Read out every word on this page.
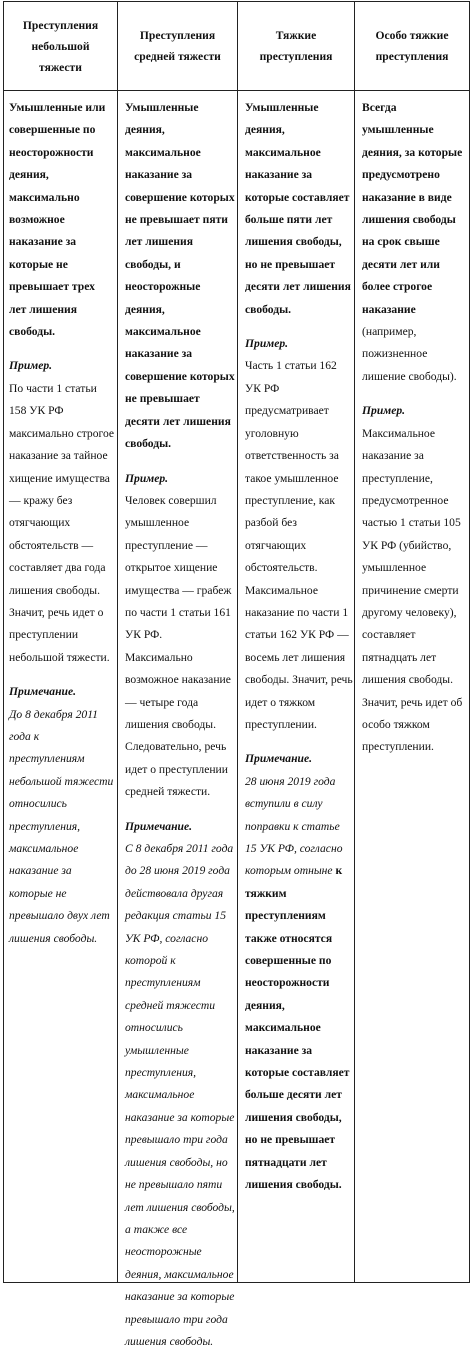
Преступления небольшой тяжести
Преступления средней тяжести
Тяжкие преступления
Особо тяжкие преступления

Умышленные или совершенные по неосторожности деяния, максимально возможное наказание за которые не превышает трех лет лишения свободы.

Пример.

По части 1 статьи 158 УК РФ максимально строгое наказание за тайное хищение имущества — кражу без отягчающих обстоятельств — составляет два года лишения свободы.

Значит, речь идет о преступлении небольшой тяжести.

Примечание.

До 8 декабря 2011 года к преступлениям небольшой тяжести относились преступления, максимальное наказание за которые не превышало двух лет лишения свободы.

Умышленные деяния, максимальное наказание за совершение которых не превышает пяти лет лишения свободы, и неосторожные деяния, максимальное наказание за совершение которых не превышает десяти лет лишения свободы.

Пример.

Человек совершил умышленное преступление — открытое хищение имущества — грабеж по части 1 статьи 161 УК РФ.

Максимально возможное наказание — четыре года лишения свободы. Следовательно, речь идет о преступлении средней тяжести.

Примечание.

С 8 декабря 2011 года до 28 июня 2019 года действовала другая редакция статьи 15 УК РФ, согласно которой к преступлениям средней тяжести относились умышленные преступления, максимальное наказание за которые превышало три года лишения свободы, но не превышало пяти лет лишения свободы, а также все неосторожные деяния, максимальное наказание за которые превышало три года лишения свободы.

Умышленные деяния, максимальное наказание за которые составляет больше пяти лет лишения свободы, но не превышает десяти лет лишения свободы.

Пример.

Часть 1 статьи 162 УК РФ предусматривает уголовную ответственность за такое умышленное преступление, как разбой без отягчающих обстоятельств. Максимальное наказание по части 1 статьи 162 УК РФ — восемь лет лишения свободы. Значит, речь идет о тяжком преступлении.

Примечание.

28 июня 2019 года вступили в силу поправки к статье 15 УК РФ, согласно которым отныне к тяжким преступлениям также относятся совершенные по неосторожности деяния, максимальное наказание за которые составляет больше десяти лет лишения свободы, но не превышает пятнадцати лет лишения свободы.

Всегда умышленные деяния, за которые предусмотрено наказание в виде лишения свободы на срок свыше десяти лет или более строгое наказание (например, пожизненное лишение свободы).

Пример.

Максимальное наказание за преступление, предусмотренное частью 1 статьи 105 УК РФ (убийство, умышленное причинение смерти другому человеку), составляет пятнадцать лет лишения свободы. Значит, речь идет об особо тяжком преступлении.
